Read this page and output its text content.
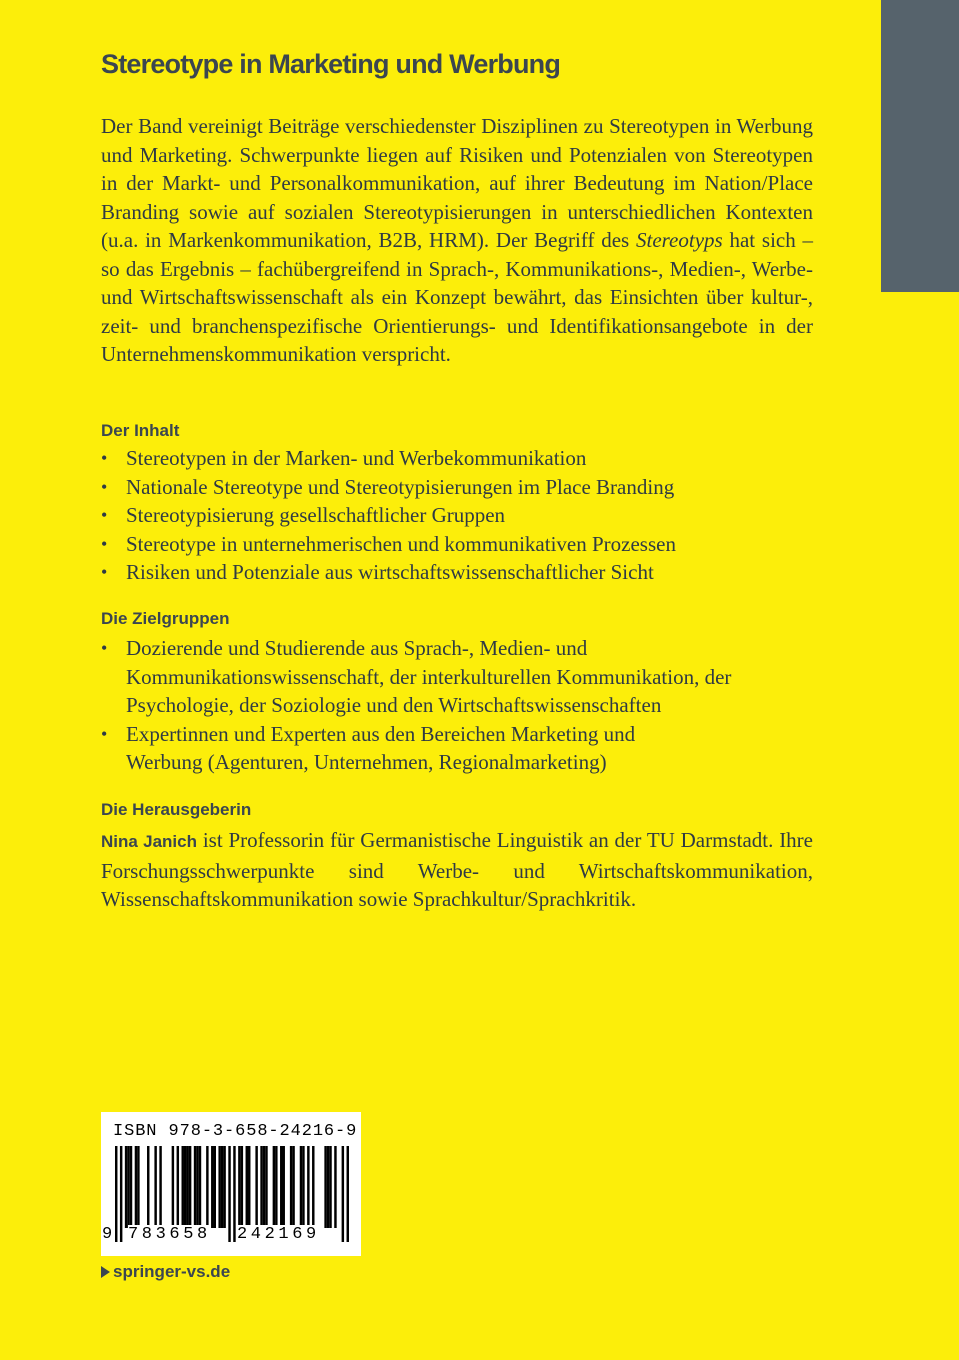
Stereotype in Marketing und Werbung

Der Band vereinigt Beiträge verschiedenster Disziplinen zu Stereotypen in Werbung und Marketing. Schwerpunkte liegen auf Risiken und Potenzialen von Stereotypen in der Markt- und Personalkommunikation, auf ihrer Bedeutung im Nation/Place Branding sowie auf sozialen Stereotypisierungen in unterschiedlichen Kontexten (u.a. in Markenkommunikation, B2B, HRM). Der Begriff des Stereotyps hat sich – so das Ergebnis – fachübergreifend in Sprach-, Kommunikations-, Medien-, Werbe- und Wirtschaftswissenschaft als ein Konzept bewährt, das Einsichten über kultur-, zeit- und branchenspezifische Orientierungs- und Identifikationsangebote in der Unternehmenskommunikation verspricht.

Der Inhalt
• Stereotypen in der Marken- und Werbekommunikation
• Nationale Stereotype und Stereotypisierungen im Place Branding
• Stereotypisierung gesellschaftlicher Gruppen
• Stereotype in unternehmerischen und kommunikativen Prozessen
• Risiken und Potenziale aus wirtschaftswissenschaftlicher Sicht
Die Zielgruppen
• Dozierende und Studierende aus Sprach-, Medien- und Kommunikationswissenschaft, der interkulturellen Kommunikation, der Psychologie, der Soziologie und den Wirtschaftswissenschaften
• Expertinnen und Experten aus den Bereichen Marketing und Werbung (Agenturen, Unternehmen, Regionalmarketing)
Die Herausgeberin

Nina Janich ist Professorin für Germanistische Linguistik an der TU Darmstadt. Ihre Forschungsschwerpunkte sind Werbe- und Wirtschaftskommunikation, Wissenschaftskommunikation sowie Sprachkultur/Sprachkritik.

ISBN 978-3-658-24216-9
9 783658 242169
springer-vs.de
